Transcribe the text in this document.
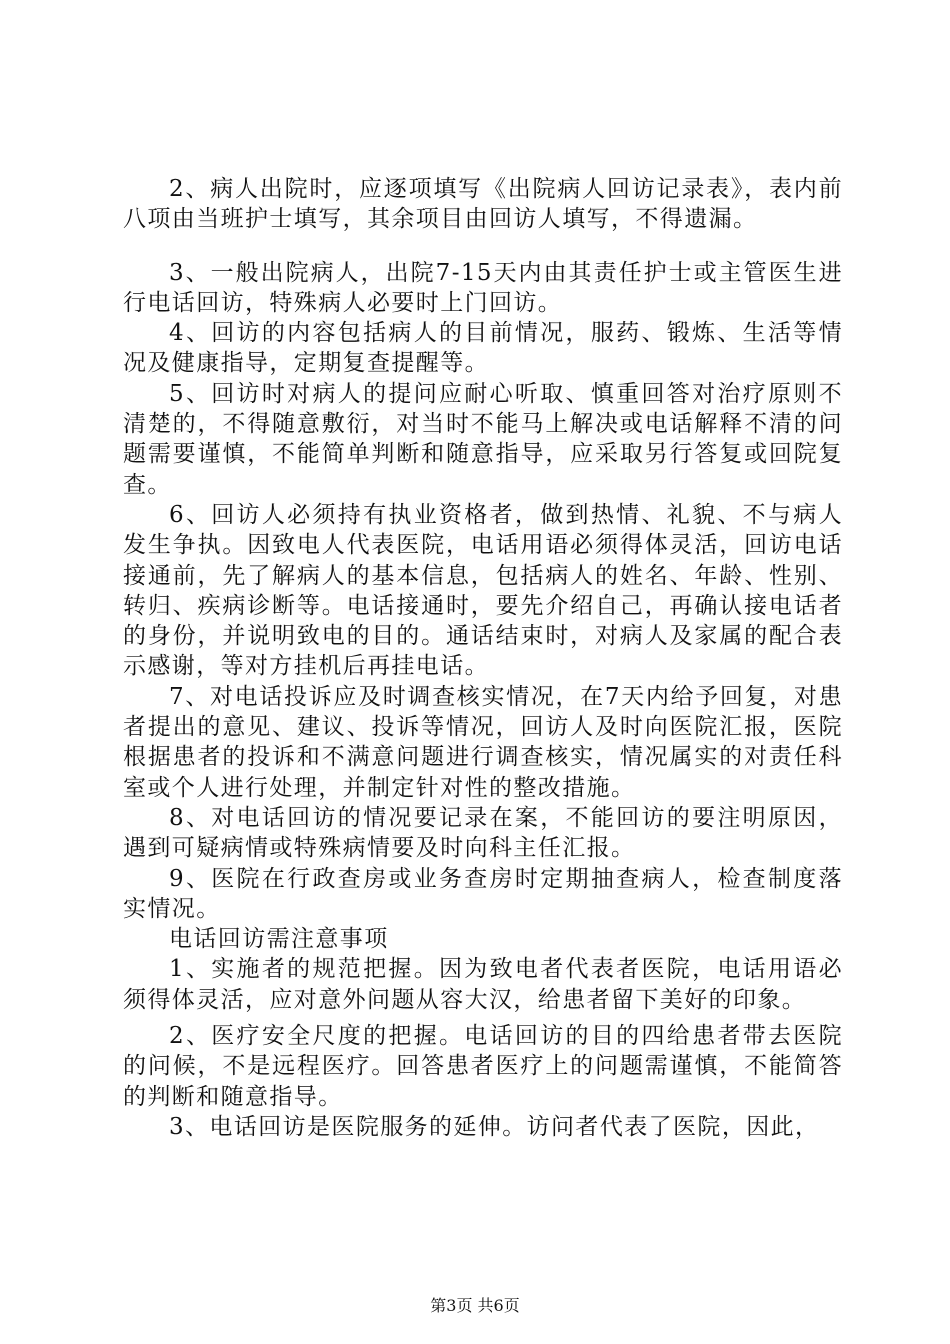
2、病人出院时，应逐项填写《出院病人回访记录表》，表内前八项由当班护士填写，其余项目由回访人填写，不得遗漏。

3、一般出院病人，出院7-15天内由其责任护士或主管医生进行电话回访，特殊病人必要时上门回访。

4、回访的内容包括病人的目前情况，服药、锻炼、生活等情况及健康指导，定期复查提醒等。

5、回访时对病人的提问应耐心听取、慎重回答对治疗原则不清楚的，不得随意敷衍，对当时不能马上解决或电话解释不清的问题需要谨慎，不能简单判断和随意指导，应采取另行答复或回院复查。

6、回访人必须持有执业资格者，做到热情、礼貌、不与病人发生争执。因致电人代表医院，电话用语必须得体灵活，回访电话接通前，先了解病人的基本信息，包括病人的姓名、年龄、性别、转归、疾病诊断等。电话接通时，要先介绍自己，再确认接电话者的身份，并说明致电的目的。通话结束时，对病人及家属的配合表示感谢，等对方挂机后再挂电话。

7、对电话投诉应及时调查核实情况，在7天内给予回复，对患者提出的意见、建议、投诉等情况，回访人及时向医院汇报，医院根据患者的投诉和不满意问题进行调查核实，情况属实的对责任科室或个人进行处理，并制定针对性的整改措施。

8、对电话回访的情况要记录在案，不能回访的要注明原因，遇到可疑病情或特殊病情要及时向科主任汇报。

9、医院在行政查房或业务查房时定期抽查病人，检查制度落实情况。

电话回访需注意事项

1、实施者的规范把握。因为致电者代表者医院，电话用语必须得体灵活，应对意外问题从容大汉，给患者留下美好的印象。

2、医疗安全尺度的把握。电话回访的目的四给患者带去医院的问候，不是远程医疗。回答患者医疗上的问题需谨慎，不能简答的判断和随意指导。

3、电话回访是医院服务的延伸。访问者代表了医院，因此，

第3页 共6页
